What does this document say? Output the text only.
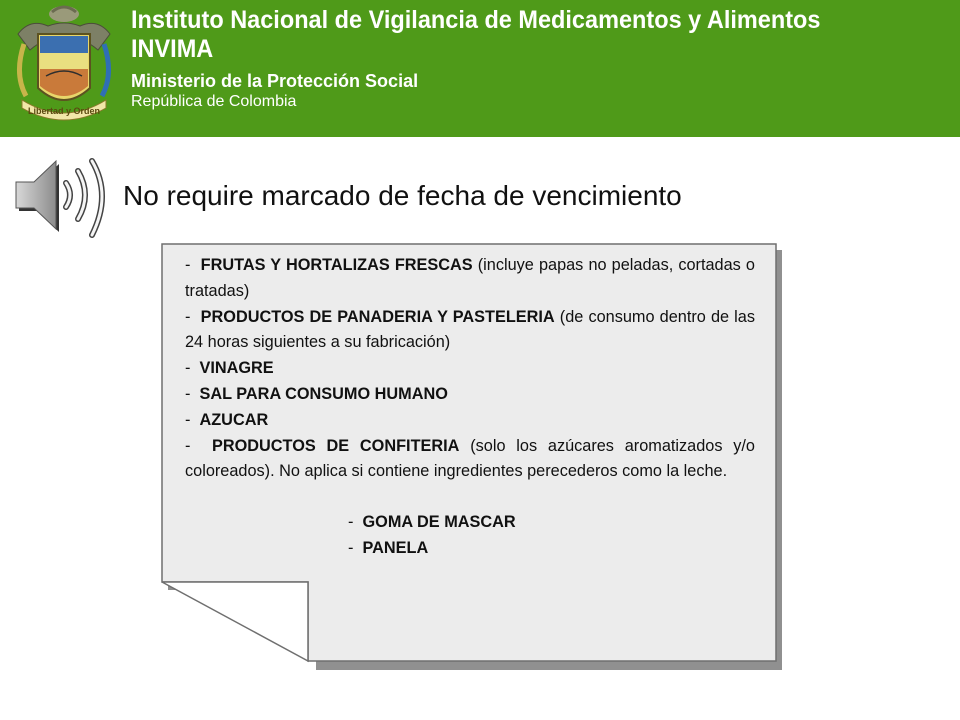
Libertad y Orden
Instituto Nacional de Vigilancia de Medicamentos y Alimentos
INVIMA
Ministerio de la Protección Social
República de Colombia
No require marcado de fecha de vencimiento
- FRUTAS Y HORTALIZAS FRESCAS (incluye papas no peladas, cortadas o tratadas)
- PRODUCTOS DE PANADERIA Y PASTELERIA (de consumo dentro de las 24 horas siguientes a su fabricación)
- VINAGRE
- SAL PARA CONSUMO HUMANO
- AZUCAR
- PRODUCTOS DE CONFITERIA (solo los azúcares aromatizados y/o coloreados). No aplica si contiene ingredientes perecederos como la leche.
- GOMA DE MASCAR
- PANELA
